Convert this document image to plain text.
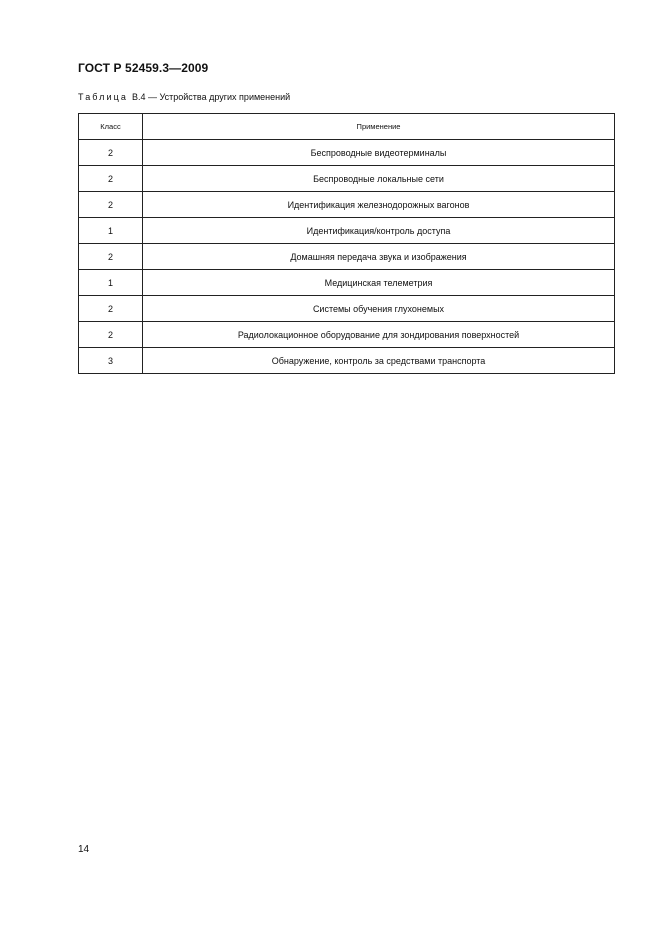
ГОСТ Р 52459.3—2009
Таблица В.4 — Устройства других применений
Класс	Применение
2	Беспроводные видеотерминалы
2	Беспроводные локальные сети
2	Идентификация железнодорожных вагонов
1	Идентификация/контроль доступа
2	Домашняя передача звука и изображения
1	Медицинская телеметрия
2	Системы обучения глухонемых
2	Радиолокационное оборудование для зондирования поверхностей
3	Обнаружение, контроль за средствами транспорта
14
